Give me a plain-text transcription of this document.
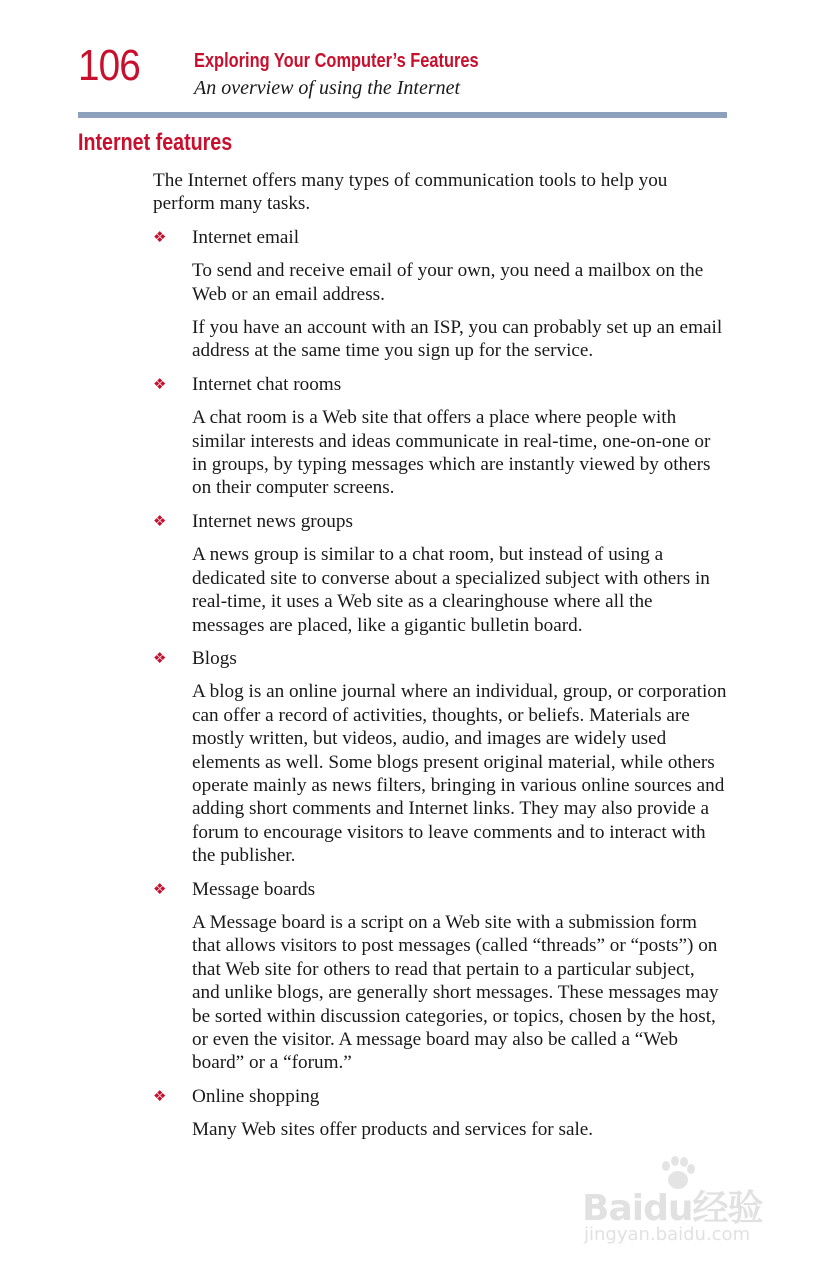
106	Exploring Your Computer’s Features
An overview of using the Internet
Internet features

The Internet offers many types of communication tools to help you perform many tasks.

❖ Internet email

To send and receive email of your own, you need a mailbox on the Web or an email address.

If you have an account with an ISP, you can probably set up an email address at the same time you sign up for the service.

❖ Internet chat rooms

A chat room is a Web site that offers a place where people with similar interests and ideas communicate in real-time, one-on-one or in groups, by typing messages which are instantly viewed by others on their computer screens.

❖ Internet news groups

A news group is similar to a chat room, but instead of using a dedicated site to converse about a specialized subject with others in real-time, it uses a Web site as a clearinghouse where all the messages are placed, like a gigantic bulletin board.

❖ Blogs

A blog is an online journal where an individual, group, or corporation can offer a record of activities, thoughts, or beliefs. Materials are mostly written, but videos, audio, and images are widely used elements as well. Some blogs present original material, while others operate mainly as news filters, bringing in various online sources and adding short comments and Internet links. They may also provide a forum to encourage visitors to leave comments and to interact with the publisher.

❖ Message boards

A Message board is a script on a Web site with a submission form that allows visitors to post messages (called “threads” or “posts”) on that Web site for others to read that pertain to a particular subject, and unlike blogs, are generally short messages. These messages may be sorted within discussion categories, or topics, chosen by the host, or even the visitor. A message board may also be called a “Web board” or a “forum.”

❖ Online shopping

Many Web sites offer products and services for sale.

Baidu经验
jingyan.baidu.com
